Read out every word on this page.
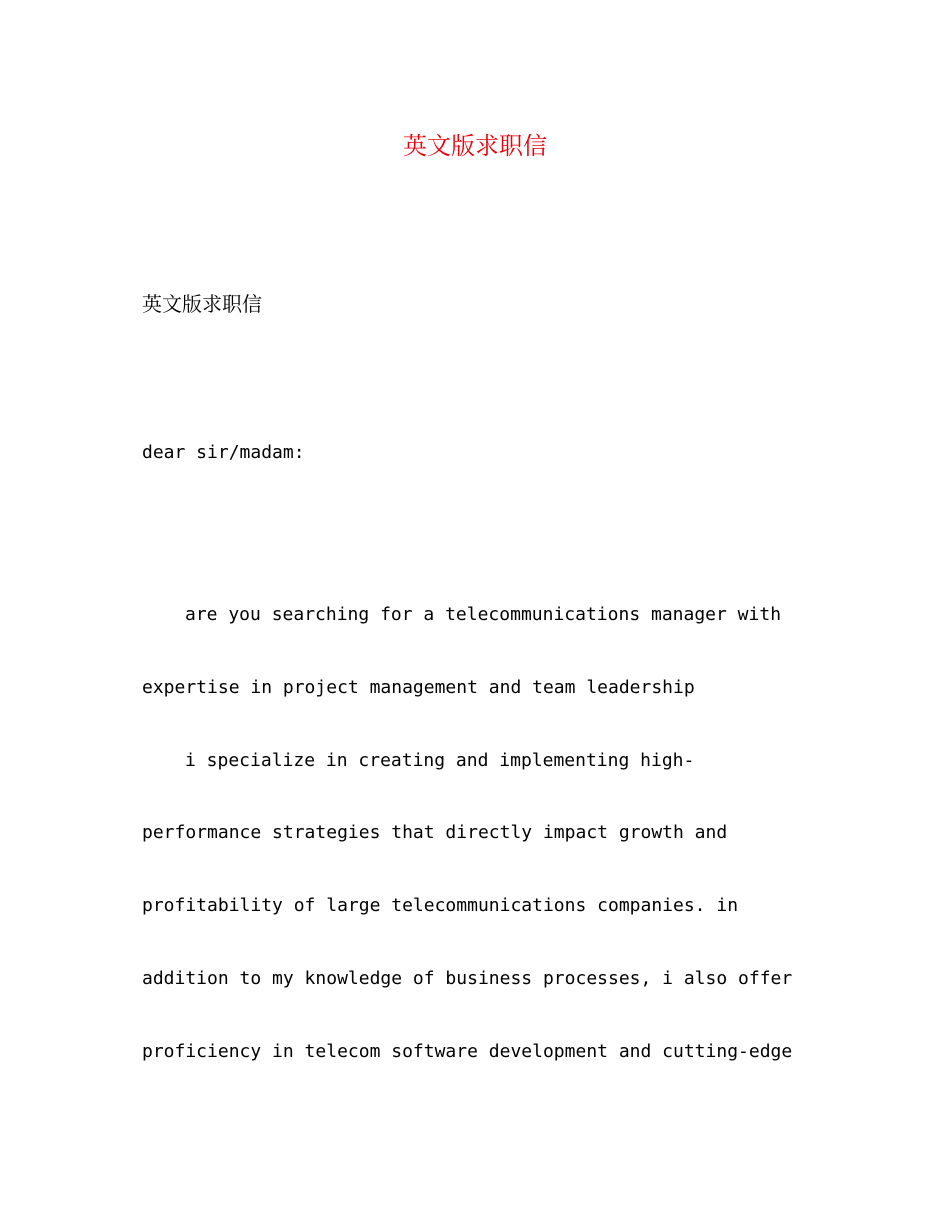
英文版求职信

英文版求职信

dear sir/madam:

are you searching for a telecommunications manager with
expertise in project management and team leadership
i specialize in creating and implementing high-
performance strategies that directly impact growth and
profitability of large telecommunications companies. in
addition to my knowledge of business processes, i also offer
proficiency in telecom software development and cutting-edge
